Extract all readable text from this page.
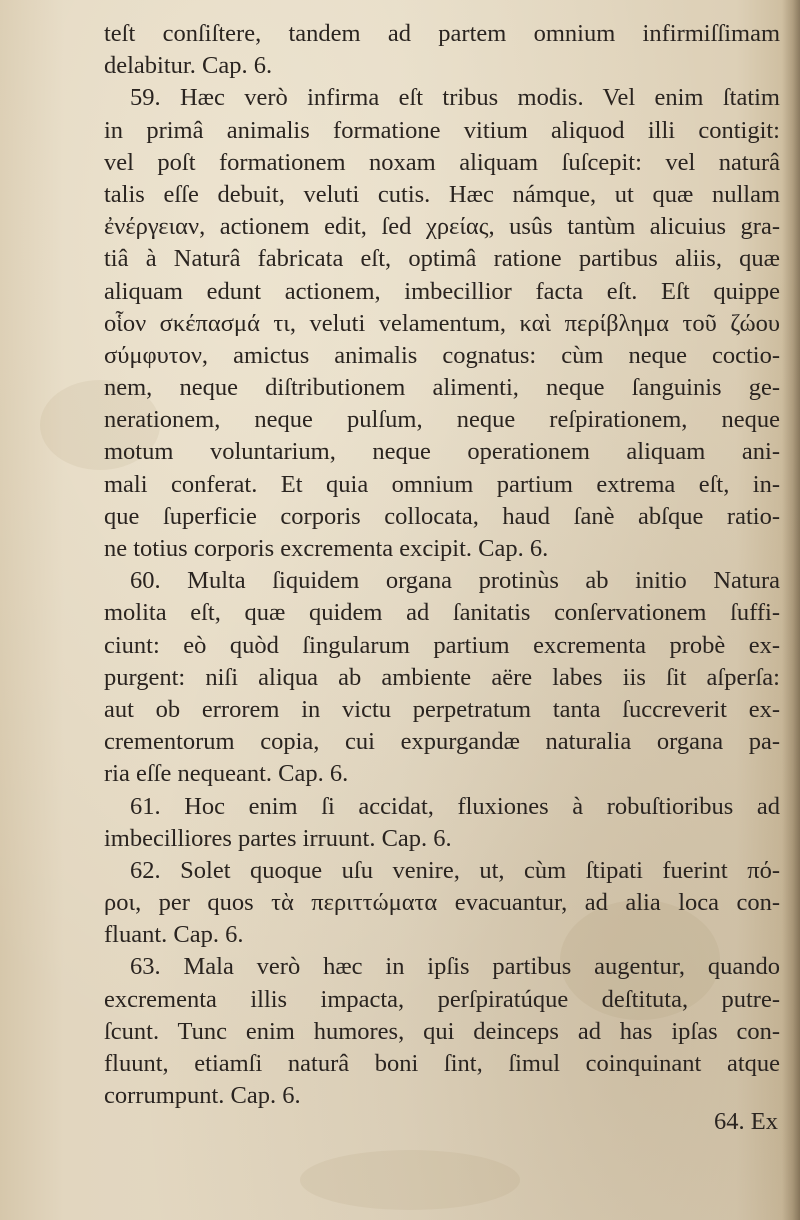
teſt conſiſtere, tandem ad partem omnium infirmiſſimam
delabitur. Cap. 6.
59. Hæc verò infirma eſt tribus modis. Vel enim ſtatim
in primâ animalis formatione vitium aliquod illi contigit:
vel poſt formationem noxam aliquam ſuſcepit: vel naturâ
talis eſſe debuit, veluti cutis. Hæc námque, ut quæ nullam
ἐνέργειαν, actionem edit, ſed χρείας, usûs tantùm alicuius gra-
tiâ à Naturâ fabricata eſt, optimâ ratione partibus aliis, quæ
aliquam edunt actionem, imbecillior facta eſt. Eſt quippe
οἷον σκέπασμά τι, veluti velamentum, καὶ περίβλημα τοῦ ζώου
σύμφυτον, amictus animalis cognatus: cùm neque coctio-
nem, neque diſtributionem alimenti, neque ſanguinis ge-
nerationem, neque pulſum, neque reſpirationem, neque
motum voluntarium, neque operationem aliquam ani-
mali conferat. Et quia omnium partium extrema eſt, in-
que ſuperficie corporis collocata, haud ſanè abſque ratio-
ne totius corporis excrementa excipit. Cap. 6.
60. Multa ſiquidem organa protinùs ab initio Natura
molita eſt, quæ quidem ad ſanitatis conſervationem ſuffi-
ciunt: eò quòd ſingularum partium excrementa probè ex-
purgent: niſi aliqua ab ambiente aëre labes iis ſit aſperſa:
aut ob errorem in victu perpetratum tanta ſuccreverit ex-
crementorum copia, cui expurgandæ naturalia organa pa-
ria eſſe nequeant. Cap. 6.
61. Hoc enim ſi accidat, fluxiones à robuſtioribus ad
imbecilliores partes irruunt. Cap. 6.
62. Solet quoque uſu venire, ut, cùm ſtipati fuerint πό-
ροι, per quos τὰ περιττώματα evacuantur, ad alia loca con-
fluant. Cap. 6.
63. Mala verò hæc in ipſis partibus augentur, quando
excrementa illis impacta, perſpiratúque deſtituta, putre-
ſcunt. Tunc enim humores, qui deinceps ad has ipſas con-
fluunt, etiamſi naturâ boni ſint, ſimul coinquinant atque
corrumpunt. Cap. 6.
64. Ex
